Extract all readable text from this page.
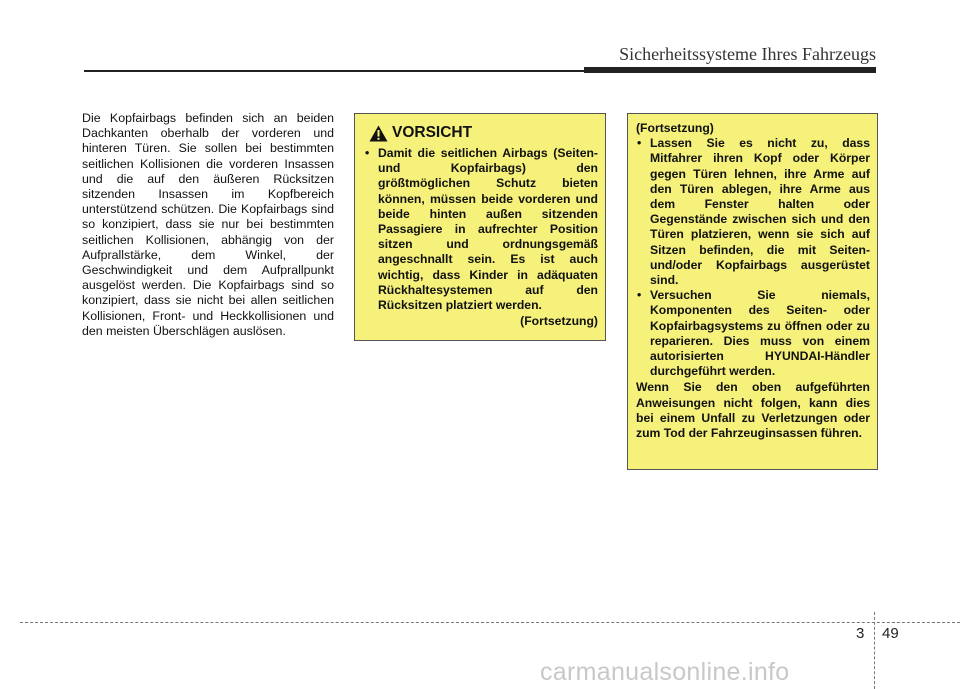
Sicherheitssysteme Ihres Fahrzeugs

Die Kopfairbags befinden sich an beiden Dachkanten oberhalb der vorderen und hinteren Türen. Sie sollen bei bestimmten seitlichen Kollisionen die vorderen Insassen und die auf den äußeren Rücksitzen sitzenden Insassen im Kopfbereich unterstützend schützen. Die Kopfairbags sind so konzipiert, dass sie nur bei bestimmten seitlichen Kollisionen, abhängig von der Aufprallstärke, dem Winkel, der Geschwindigkeit und dem Aufprallpunkt ausgelöst werden. Die Kopfairbags sind so konzipiert, dass sie nicht bei allen seitlichen Kollisionen, Front- und Heckkollisionen und den meisten Überschlägen auslösen.

VORSICHT
• Damit die seitlichen Airbags (Seiten- und Kopfairbags) den größtmöglichen Schutz bieten können, müssen beide vorderen und beide hinten außen sitzenden Passagiere in aufrechter Position sitzen und ordnungsgemäß angeschnallt sein. Es ist auch wichtig, dass Kinder in adäquaten Rückhaltesystemen auf den Rücksitzen platziert werden.
(Fortsetzung)
(Fortsetzung)
• Lassen Sie es nicht zu, dass Mitfahrer ihren Kopf oder Körper gegen Türen lehnen, ihre Arme auf den Türen ablegen, ihre Arme aus dem Fenster halten oder Gegenstände zwischen sich und den Türen platzieren, wenn sie sich auf Sitzen befinden, die mit Seiten- und/oder Kopfairbags ausgerüstet sind.
• Versuchen Sie niemals, Komponenten des Seiten- oder Kopfairbagsystems zu öffnen oder zu reparieren. Dies muss von einem autorisierten HYUNDAI-Händler durchgeführt werden.
Wenn Sie den oben aufgeführten Anweisungen nicht folgen, kann dies bei einem Unfall zu Verletzungen oder zum Tod der Fahrzeuginsassen führen.
3 49
carmanualsonline.info
